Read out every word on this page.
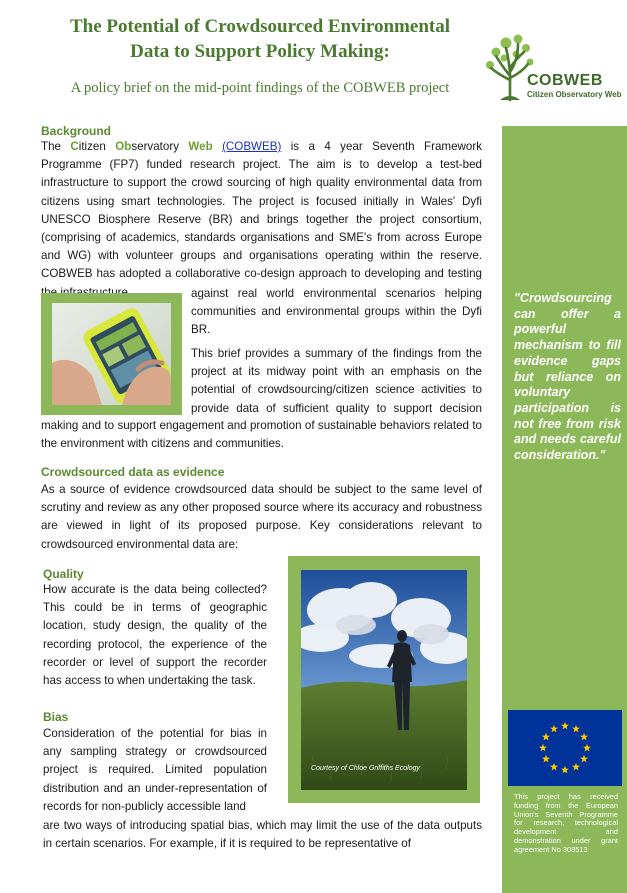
The Potential of Crowdsourced Environmental
Data to Support Policy Making:
A policy brief on the mid-point findings of the COBWEB project	COBWEB
Citizen Observatory Web
"Crowdsourcing can offer a powerful mechanism to fill evidence gaps but reliance on voluntary participation is not free from risk and needs careful consideration."
This project has received funding from the European Union's Seventh Programme for research, technological development and demonstration under grant agreement No 308513
Background
The Citizen Observatory Web (COBWEB) is a 4 year Seventh Framework Programme (FP7) funded research project. The aim is to develop a test-bed infrastructure to support the crowd sourcing of high quality environmental data from citizens using smart technologies. The project is focused initially in Wales' Dyfi UNESCO Biosphere Reserve (BR) and brings together the project consortium, (comprising of academics, standards organisations and SME's from across Europe and WG) with volunteer groups and organisations operating within the reserve. COBWEB has adopted a collaborative co-design approach to developing and testing
against real world environmental scenarios helping communities and environmental groups within the Dyfi BR.
This brief provides a summary of the findings from the project at its midway point with an emphasis on the potential of crowdsourcing/citizen science activities to provide data of sufficient quality to support decision
making and to support engagement and promotion of sustainable behaviors related to the environment with citizens and communities.
Crowdsourced data as evidence
As a source of evidence crowdsourced data should be subject to the same level of scrutiny and review as any other proposed source where its accuracy and robustness are viewed in light of its proposed purpose. Key considerations relevant to crowdsourced environmental data are:
Quality
How accurate is the data being collected? This could be in terms of geographic location, study design, the quality of the recording protocol, the experience of the recorder or level of support the recorder has access to when undertaking the task.
Bias
Consideration of the potential for bias in any sampling strategy or crowdsourced project is required. Limited population distribution and an under-representation of records for non-publicly accessible land
are two ways of introducing spatial bias, which may limit the use of the data outputs in certain scenarios. For example, if it is required to be representative of
Courtesy of Chloe Griffiths Ecology
